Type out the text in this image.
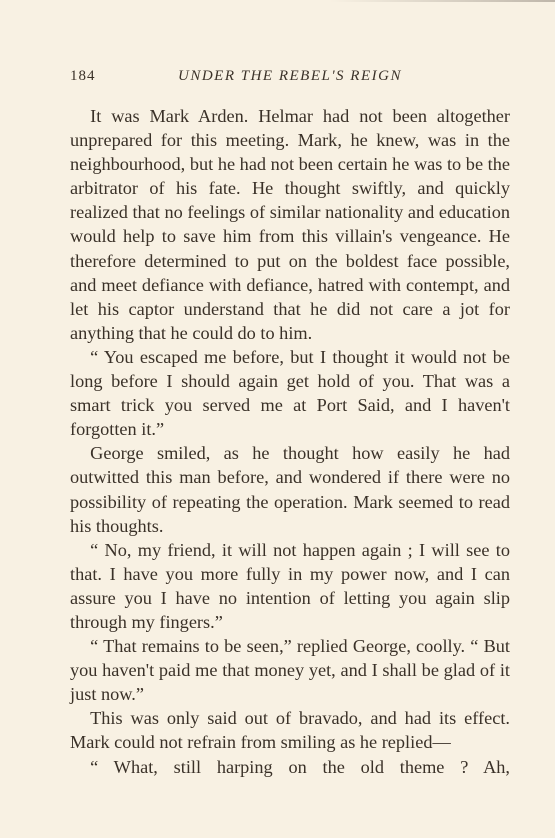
184	UNDER THE REBEL'S REIGN

It was Mark Arden. Helmar had not been altogether unprepared for this meeting. Mark, he knew, was in the neighbourhood, but he had not been certain he was to be the arbitrator of his fate. He thought swiftly, and quickly realized that no feelings of similar nationality and education would help to save him from this villain's vengeance. He therefore determined to put on the boldest face possible, and meet defiance with defiance, hatred with contempt, and let his captor understand that he did not care a jot for anything that he could do to him.

“ You escaped me before, but I thought it would not be long before I should again get hold of you. That was a smart trick you served me at Port Said, and I haven't forgotten it.”

George smiled, as he thought how easily he had outwitted this man before, and wondered if there were no possibility of repeating the operation. Mark seemed to read his thoughts.

“ No, my friend, it will not happen again ; I will see to that. I have you more fully in my power now, and I can assure you I have no intention of letting you again slip through my fingers.”

“ That remains to be seen,” replied George, coolly. “ But you haven't paid me that money yet, and I shall be glad of it just now.”

This was only said out of bravado, and had its effect. Mark could not refrain from smiling as he replied—

“ What, still harping on the old theme ? Ah,
